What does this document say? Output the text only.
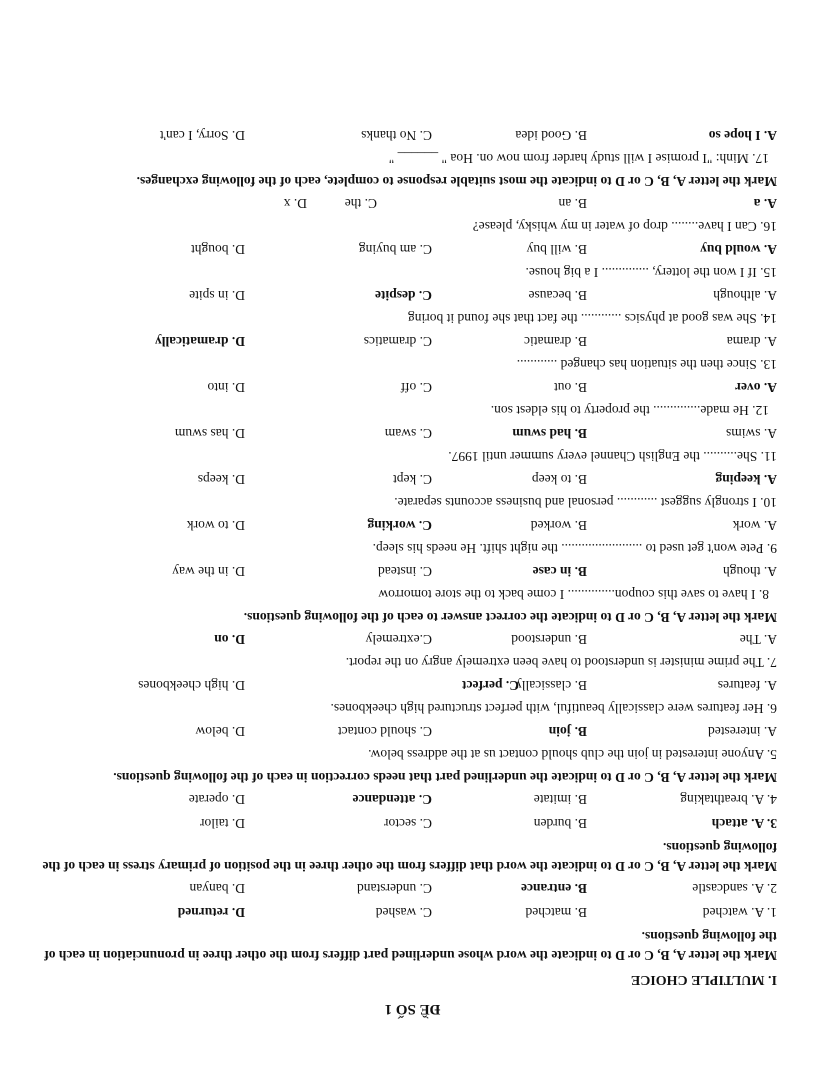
ĐỀ SỐ 1
I. MULTIPLE CHOICE
Mark the letter A, B, C or D to indicate the word whose underlined part differs from the other three in pronunciation in each of the following questions.
1. A. watched
B. matched
C. washed
D. returned
2. A. sandcastle
B. entrance
C. understand
D. banyan
Mark the letter A, B, C or D to indicate the word that differs from the other three in the position of primary stress in each of the following questions.
3. A. attach
B. burden
C. sector
D. tailor
4. A. breathtaking
B. imitate
C. attendance
D. operate
Mark the letter A, B, C or D to indicate the underlined part that needs correction in each of the following questions.
5. Anyone interested in join the club should contact us at the address below.
A. interested
B. join
C. should contact
D. below
6. Her features were classically beautiful, with perfect structured high cheekbones.
A. features
B. classically
C. perfect
D. high cheekbones
7. The prime minister is understood to have been extremely angry on the report.
A. The
B. understood
C.extremely
D. on
Mark the letter A, B, C or D to indicate the correct answer to each of the following questions.
8. I have to save this coupon.............. I come back to the store tomorrow
A. though
B. in case
C. instead
D. in the way
9. Pete won't get used to ........................ the night shift. He needs his sleep.
A. work
B. worked
C. working
D. to work
10. I strongly suggest ............ personal and business accounts separate.
A. keeping
B. to keep
C. kept
D. keeps
11. She.......... the English Channel every summer until 1997.
A. swims
B. had swum
C. swam
D. has swum
12. He made.............. the property to his eldest son.
A. over
B. out
C. off
D. into
13. Since then the situation has changed ............
A. drama
B. dramatic
C. dramatics
D. dramatically
14. She was good at physics ............ the fact that she found it boring
A. although
B. because
C. despite
D. in spite
15. If I won the lottery, .............. I a big house.
A. would buy
B. will buy
C. am buying
D. bought
16. Can I have........ drop of water in my whisky, please?
A. a
B. an
C. the
D. x
Mark the letter A, B, C or D to indicate the most suitable response to complete, each of the following exchanges.
17. Minh: "I promise I will study harder from now on. Hoa " ______ "
A. I hope so
B. Good idea
C. No thanks
D. Sorry, I can't
